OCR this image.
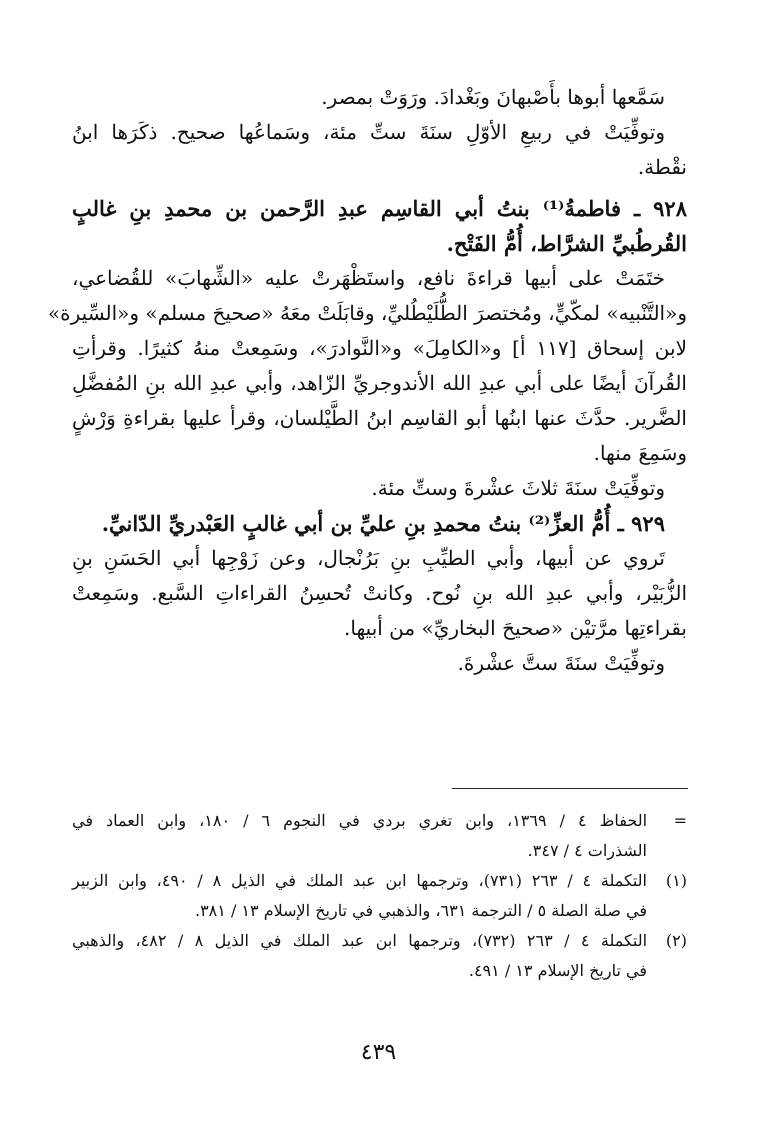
سَمَّعها أبوها بأَصْبهانَ وبَغْدادَ. ورَوَتْ بمصر.
وتوفِّيَتْ في ربيعِ الأوّلِ سنَةَ ستِّ مئة، وسَماعُها صحيح. ذكَرَها ابنُ
نقْطة.
٩٢٨ ـ فاطمةُ⁽¹⁾ بنتُ أبي القاسِم عبدِ الرَّحمن بن محمدِ بنِ غالبٍ
القُرطُبيِّ الشرَّاط، أُمُّ الفَتْح.
ختَمَتْ على أبيها قراءةَ نافع، واستَظْهَرتْ عليه «الشِّهابَ» للقُضاعي،
و«التَّنْبيه» لمكّيٍّ، ومُختصرَ الطُّلَيْطُليِّ، وقابَلَتْ معَهُ «صحيحَ مسلم» و«السِّيرة»
لابن إسحاق [١١٧ أ] و«الكامِلَ» و«النَّوادرَ»، وسَمِعتْ منهُ كثيرًا. وقرأتِ
القُرآنَ أيضًا على أبي عبدِ الله الأندوجريِّ الزّاهد، وأبي عبدِ الله بنِ المُفضَّلِ
الضَّرير. حدَّثَ عنها ابنُها أبو القاسِم ابنُ الطَّيْلسان، وقرأ عليها بقراءةِ وَرْشٍ
وسَمِعَ منها.
وتوفِّيَتْ سنَةَ ثلاثَ عشْرةَ وستِّ مئة.
٩٢٩ ـ أُمُّ العزِّ⁽²⁾ بنتُ محمدِ بنِ عليِّ بن أبي غالبٍ العَبْدريِّ الدّانيِّ.
تَروي عن أبيها، وأبي الطيِّبِ بنِ بَرُنْجال، وعن زَوْجِها أبي الحَسَنِ بنِ
الزُّبَيْر، وأبي عبدِ الله بنِ نُوح. وكانتْ تُحسِنُ القراءاتِ السَّبع. وسَمِعتْ
بقراءتِها مرَّتيْن «صحيحَ البخاريِّ» من أبيها.
وتوفِّيَتْ سنَةَ ستَّ عشْرةَ.
=
الحفاظ ٤ / ١٣٦٩، وابن تغري بردي في النجوم ٦ / ١٨٠، وابن العماد في
الشذرات ٤ / ٣٤٧.
(١)
التكملة ٤ / ٢٦٣ (٧٣١)، وترجمها ابن عبد الملك في الذيل ٨ / ٤٩٠، وابن الزبير
في صلة الصلة ٥ / الترجمة ٦٣١، والذهبي في تاريخ الإسلام ١٣ / ٣٨١.
(٢)
التكملة ٤ / ٢٦٣ (٧٣٢)، وترجمها ابن عبد الملك في الذيل ٨ / ٤٨٢، والذهبي
في تاريخ الإسلام ١٣ / ٤٩١.
٤٣٩
